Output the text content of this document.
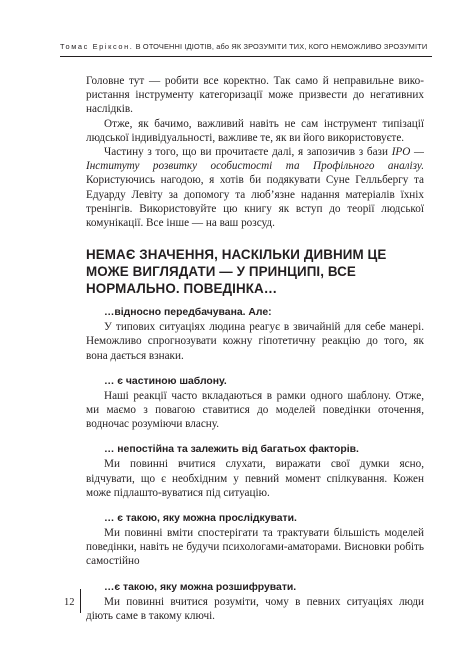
Томас Еріксон. В ОТОЧЕННІ ІДІОТІВ, або ЯК ЗРОЗУМІТИ ТИХ, КОГО НЕМОЖЛИВО ЗРОЗУМІТИ

Головне тут — робити все коректно. Так само й неправильне вико-ристання інструменту категоризації може призвести до негативних наслідків.

Отже, як бачимо, важливий навіть не сам інструмент типізації людської індивідуальності, важливе те, як ви його використовуєте.

Частину з того, що ви прочитаєте далі, я запозичив з бази IPO — Інституту розвитку особистості та Профільного аналізу. Користуючись нагодою, я хотів би подякувати Суне Гелльбергу та Едуарду Левіту за допомогу та люб’язне надання матеріалів їхніх тренінгів. Використовуйте цю книгу як вступ до теорії людської комунікації. Все інше — на ваш розсуд.

НЕМАЄ ЗНАЧЕННЯ, НАСКІЛЬКИ ДИВНИМ ЦЕ МОЖЕ ВИГЛЯДАТИ — У ПРИНЦИПІ, ВСЕ НОРМАЛЬНО. ПОВЕДІНКА…
…відносно передбачувана. Але:

У типових ситуаціях людина реагує в звичайній для себе манері. Неможливо спрогнозувати кожну гіпотетичну реакцію до того, як вона дається взнаки.

… є частиною шаблону.

Наші реакції часто вкладаються в рамки одного шаблону. Отже, ми маємо з повагою ставитися до моделей поведінки оточення, водночас розуміючи власну.

… непостійна та залежить від багатьох факторів.

Ми повинні вчитися слухати, виражати свої думки ясно, відчувати, що є необхідним у певний момент спілкування. Кожен може підлашто-вуватися під ситуацію.

… є такою, яку можна прослідкувати.

Ми повинні вміти спостерігати та трактувати більшість моделей поведінки, навіть не будучи психологами-аматорами. Висновки робіть самостійно

…є такою, яку можна розшифрувати.

Ми повинні вчитися розуміти, чому в певних ситуаціях люди діють саме в такому ключі.

12
